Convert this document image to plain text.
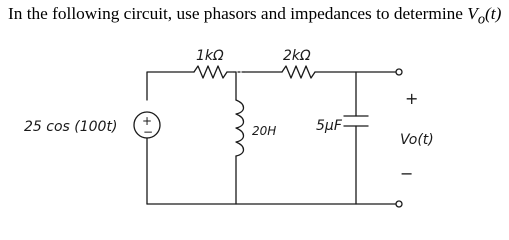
In the following circuit, use phasors and impedances to determine $V_o(t)$

25 cos (100t) +
−
1kΩ	2kΩ
20H	5μF
+
Vo(t)
−
